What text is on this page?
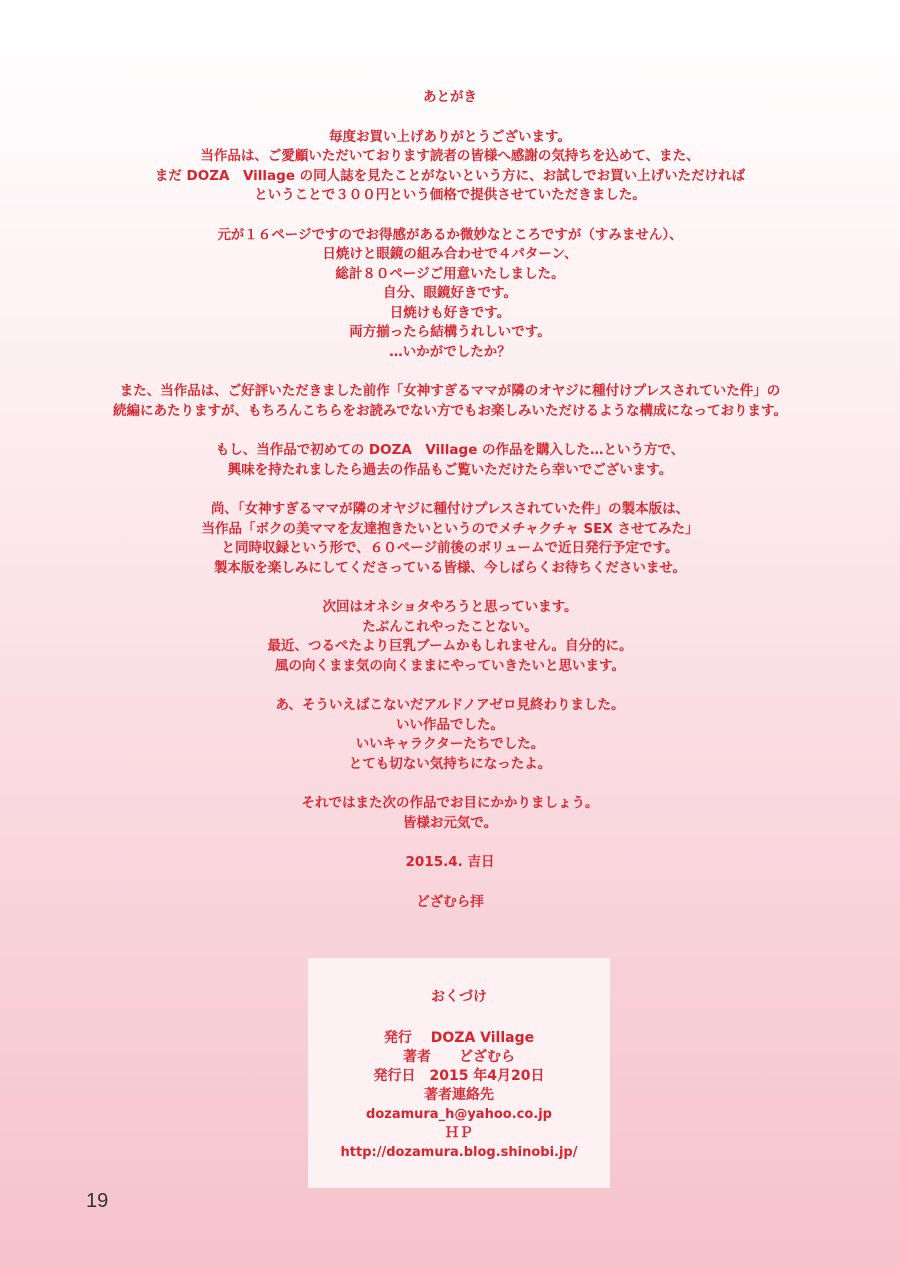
あとがき
毎度お買い上げありがとうございます。
当作品は、ご愛顧いただいております読者の皆様へ感謝の気持ちを込めて、また、
まだ DOZA　Village の同人誌を見たことがないという方に、お試しでお買い上げいただければ
ということで３００円という価格で提供させていただきました。
元が１６ページですのでお得感があるか微妙なところですが（すみません）、
日焼けと眼鏡の組み合わせで４パターン、
総計８０ページご用意いたしました。
自分、眼鏡好きです。
日焼けも好きです。
両方揃ったら結構うれしいです。
…いかがでしたか？
また、当作品は、ご好評いただきました前作「女神すぎるママが隣のオヤジに種付けプレスされていた件」の
続編にあたりますが、もちろんこちらをお読みでない方でもお楽しみいただけるような構成になっております。
もし、当作品で初めての DOZA　Village の作品を購入した…という方で、
興味を持たれましたら過去の作品もご覧いただけたら幸いでございます。
尚、「女神すぎるママが隣のオヤジに種付けプレスされていた件」の製本版は、
当作品「ボクの美ママを友達抱きたいというのでメチャクチャ SEX させてみた」
と同時収録という形で、６０ページ前後のボリュームで近日発行予定です。
製本版を楽しみにしてくださっている皆様、今しばらくお待ちくださいませ。
次回はオネショタやろうと思っています。
たぶんこれやったことない。
最近、つるぺたより巨乳ブームかもしれません。自分的に。
風の向くまま気の向くままにやっていきたいと思います。
あ、そういえばこないだアルドノアゼロ見終わりました。
いい作品でした。
いいキャラクターたちでした。
とても切ない気持ちになったよ。
それではまた次の作品でお目にかかりましょう。
皆様お元気で。
2015.4. 吉日
どざむら拝
おくづけ
発行　 DOZA Village
著者　　どざむら
発行日　2015 年4月20日
著者連絡先
dozamura_h@yahoo.co.jp
ＨＰ
http://dozamura.blog.shinobi.jp/
19
